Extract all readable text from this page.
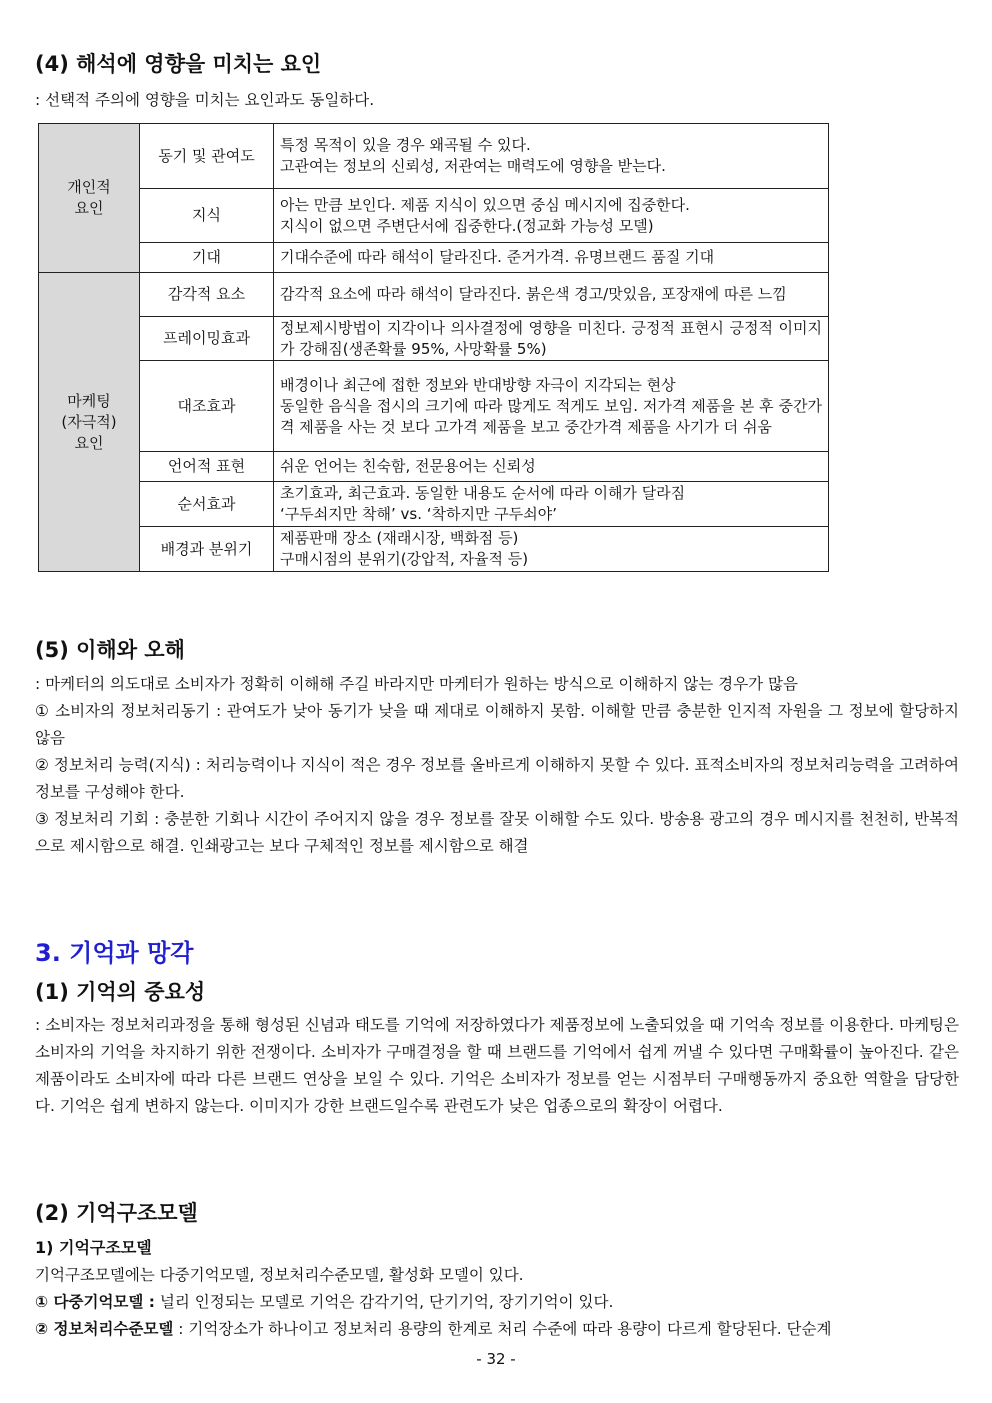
(4) 해석에 영향을 미치는 요인
: 선택적 주의에 영향을 미치는 요인과도 동일하다.
개인적
요인	동기 및 관여도	특정 목적이 있을 경우 왜곡될 수 있다.
고관여는 정보의 신뢰성, 저관여는 매력도에 영향을 받는다.
	지식	아는 만큼 보인다. 제품 지식이 있으면 중심 메시지에 집중한다.
지식이 없으면 주변단서에 집중한다.(정교화 가능성 모델)
	기대	기대수준에 따라 해석이 달라진다. 준거가격. 유명브랜드 품질 기대
마케팅
(자극적)
요인	감각적 요소	감각적 요소에 따라 해석이 달라진다. 붉은색 경고/맛있음, 포장재에 따른 느낌
	프레이밍효과	정보제시방법이 지각이나 의사결정에 영향을 미친다. 긍정적 표현시 긍정적 이미지가 강해짐(생존확률 95%, 사망확률 5%)
	대조효과	배경이나 최근에 접한 정보와 반대방향 자극이 지각되는 현상
동일한 음식을 접시의 크기에 따라 많게도 적게도 보임. 저가격 제품을 본 후 중간가격 제품을 사는 것 보다 고가격 제품을 보고 중간가격 제품을 사기가 더 쉬움
	언어적 표현	쉬운 언어는 친숙함, 전문용어는 신뢰성
	순서효과	초기효과, 최근효과. 동일한 내용도 순서에 따라 이해가 달라짐
‘구두쇠지만 착해’ vs. ‘착하지만 구두쇠야’
	배경과 분위기	제품판매 장소 (재래시장, 백화점 등)
구매시점의 분위기(강압적, 자율적 등)
(5) 이해와 오해

: 마케터의 의도대로 소비자가 정확히 이해해 주길 바라지만 마케터가 원하는 방식으로 이해하지 않는 경우가 많음

① 소비자의 정보처리동기 : 관여도가 낮아 동기가 낮을 때 제대로 이해하지 못함. 이해할 만큼 충분한 인지적 자원을 그 정보에 할당하지 않음

② 정보처리 능력(지식) : 처리능력이나 지식이 적은 경우 정보를 올바르게 이해하지 못할 수 있다. 표적소비자의 정보처리능력을 고려하여 정보를 구성해야 한다.

③ 정보처리 기회 : 충분한 기회나 시간이 주어지지 않을 경우 정보를 잘못 이해할 수도 있다. 방송용 광고의 경우 메시지를 천천히, 반복적으로 제시함으로 해결. 인쇄광고는 보다 구체적인 정보를 제시함으로 해결

3. 기억과 망각
(1) 기억의 중요성

: 소비자는 정보처리과정을 통해 형성된 신념과 태도를 기억에 저장하였다가 제품정보에 노출되었을 때 기억속 정보를 이용한다. 마케팅은 소비자의 기억을 차지하기 위한 전쟁이다. 소비자가 구매결정을 할 때 브랜드를 기억에서 쉽게 꺼낼 수 있다면 구매확률이 높아진다. 같은 제품이라도 소비자에 따라 다른 브랜드 연상을 보일 수 있다. 기억은 소비자가 정보를 얻는 시점부터 구매행동까지 중요한 역할을 담당한다. 기억은 쉽게 변하지 않는다. 이미지가 강한 브랜드일수록 관련도가 낮은 업종으로의 확장이 어렵다.

(2) 기억구조모델
1) 기억구조모델

기억구조모델에는 다중기억모델, 정보처리수준모델, 활성화 모델이 있다.

① 다중기억모델 : 널리 인정되는 모델로 기억은 감각기억, 단기기억, 장기기억이 있다.

② 정보처리수준모델 : 기억장소가 하나이고 정보처리 용량의 한계로 처리 수준에 따라 용량이 다르게 할당된다. 단순계

- 32 -
